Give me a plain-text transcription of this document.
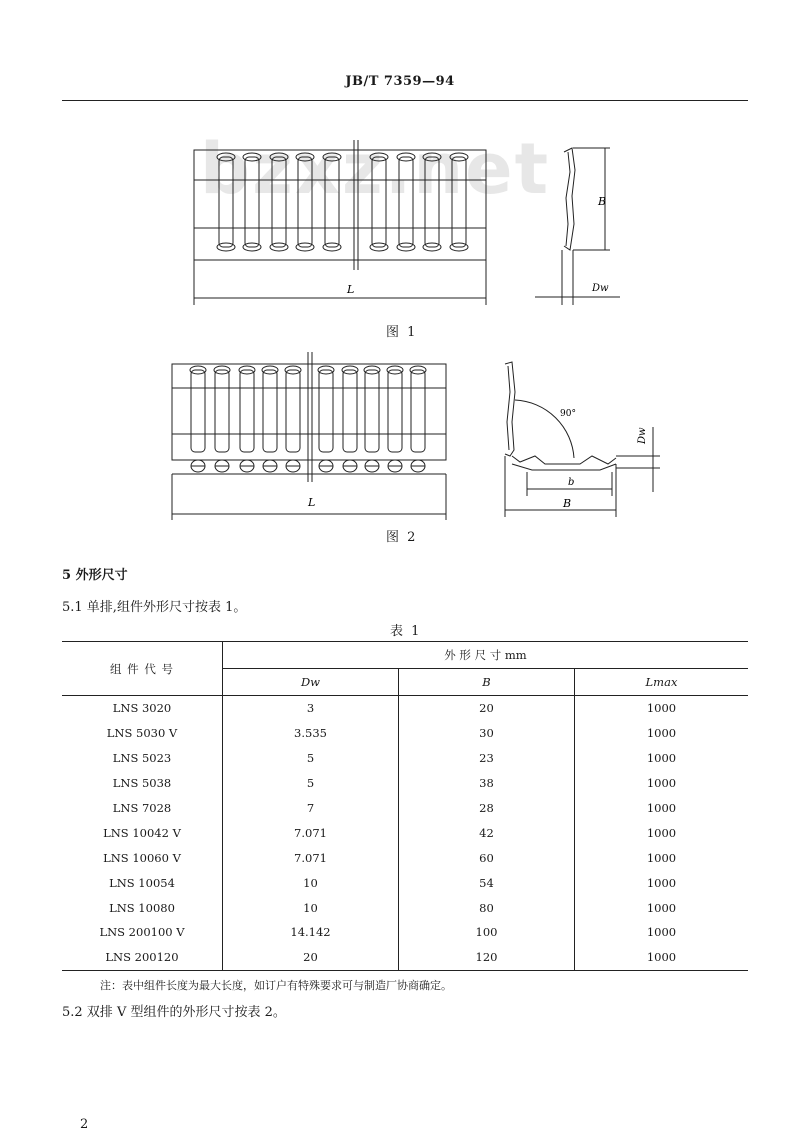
JB/T 7359—94
bzxz.net	B
Dw
L
图 1
90°
b
B
Dw
L
图 2
5 外形尺寸
5.1 单排,组件外形尺寸按表 1。
表 1
组 件 代 号	外 形 尺 寸 mm		
	Dw	B	Lmax
LNS 3020	3	20	1000
LNS 5030 V	3.535	30	1000
LNS 5023	5	23	1000
LNS 5038	5	38	1000
LNS 7028	7	28	1000
LNS 10042 V	7.071	42	1000
LNS 10060 V	7.071	60	1000
LNS 10054	10	54	1000
LNS 10080	10	80	1000
LNS 200100 V	14.142	100	1000
LNS 200120	20	120	1000
注：表中组件长度为最大长度，如订户有特殊要求可与制造厂协商确定。
5.2 双排 V 型组件的外形尺寸按表 2。
2
